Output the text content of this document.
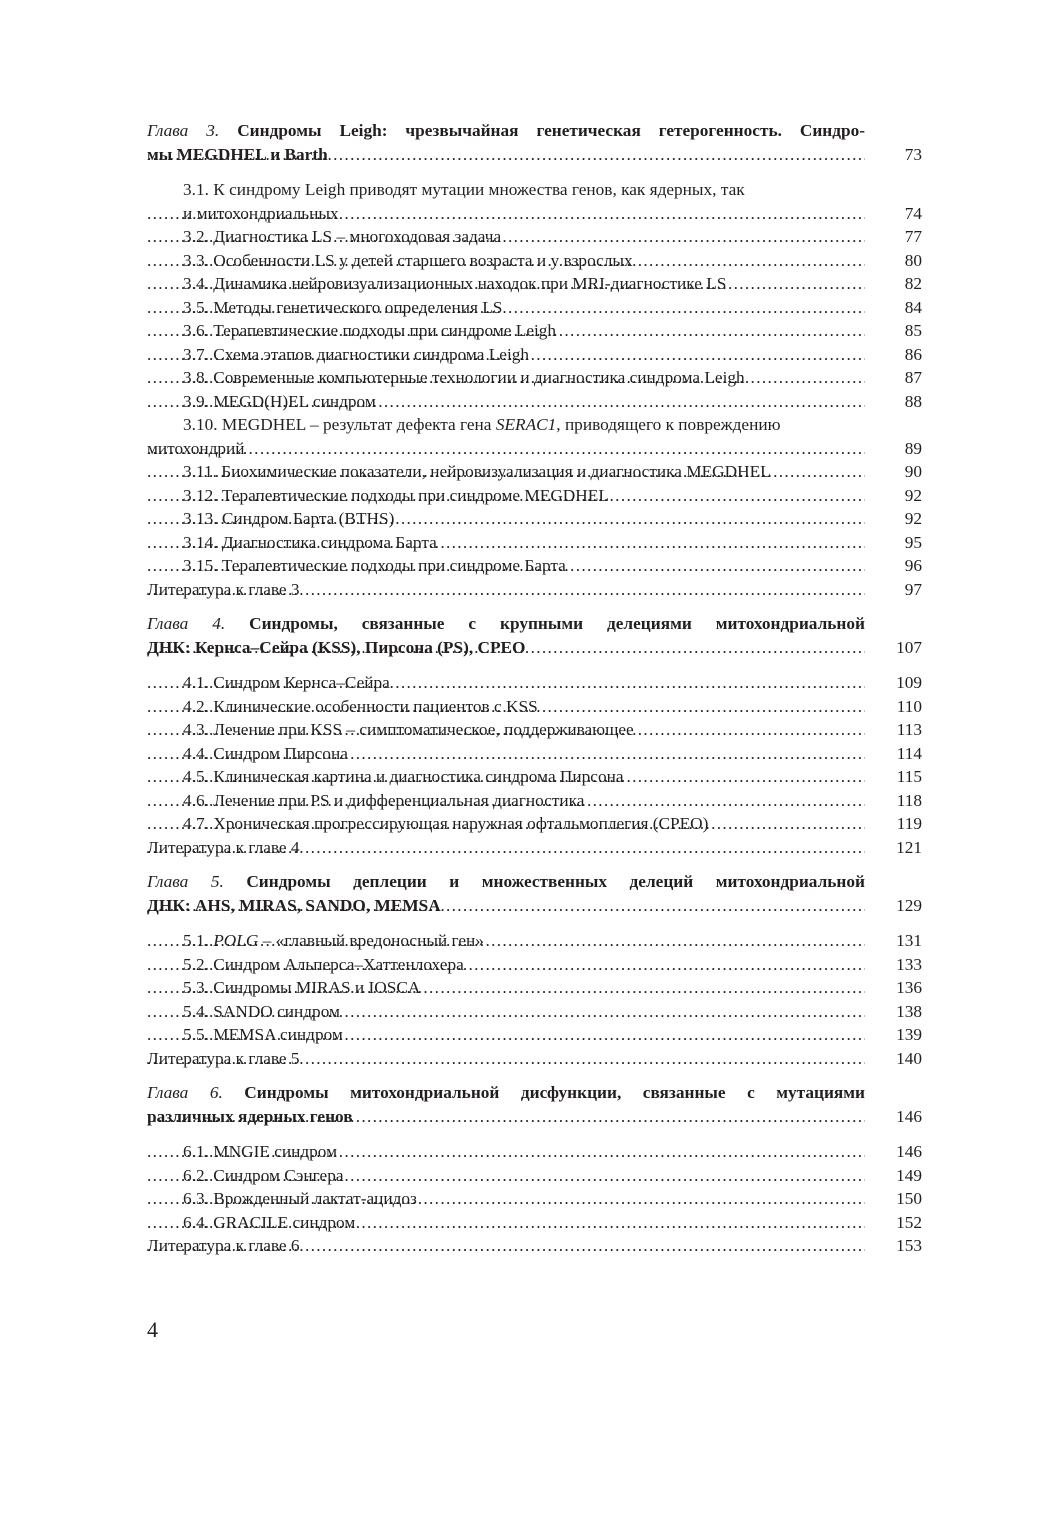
Глава 3. Синдромы Leigh: чрезвычайная генетическая гетерогенность. Синдро-
мы MEGDHEL и Barth . . .	73
3.1. К синдрому Leigh приводят мутации множества генов, как ядерных, так
и митохондриальных . . .	74
3.2. Диагностика LS – многоходовая задача . . .	77
3.3. Особенности LS у детей старшего возраста и у взрослых . . .	80
3.4. Динамика нейровизуализационных находок при MRI-диагностике LS . . .	82
3.5. Методы генетического определения LS . . .	84
3.6. Терапевтические подходы при синдроме Leigh . . .	85
3.7. Схема этапов диагностики синдрома Leigh . . .	86
3.8. Современные компьютерные технологии и диагностика синдрома Leigh . . .	87
3.9. MEGD(H)EL синдром . . .	88
3.10. MEGDHEL – результат дефекта гена SERAC1, приводящего к повреждению
митохондрий . . .	89
3.11. Биохимические показатели, нейровизуализация и диагностика MEGDHEL . . .	90
3.12. Терапевтические подходы при синдроме MEGDHEL . . .	92
3.13. Синдром Барта (BTHS) . . .	92
3.14. Диагностика синдрома Барта . . .	95
3.15. Терапевтические подходы при синдроме Барта . . .	96
Литература к главе 3 . . .	97
Глава 4. Синдромы, связанные с крупными делециями митохондриальной
ДНК: Кернса–Сейра (KSS), Пирсона (PS), CPEO . . .	107
4.1. Синдром Кернса–Сейра . . .	109
4.2. Клинические особенности пациентов с KSS . . .	110
4.3. Лечение при KSS – симптоматическое, поддерживающее . . .	113
4.4. Синдром Пирсона . . .	114
4.5. Клиническая картина и диагностика синдрома Пирсона . . .	115
4.6. Лечение при PS и дифференциальная диагностика . . .	118
4.7. Хроническая прогрессирующая наружная офтальмоплегия (CPEO) . . .	119
Литература к главе 4 . . .	121
Глава 5. Синдромы деплеции и множественных делеций митохондриальной
ДНК: AHS, MIRAS, SANDO, MEMSA . . .	129
5.1. POLG – «главный вредоносный ген» . . .	131
5.2. Синдром Альперса–Хаттенлохера . . .	133
5.3. Синдромы MIRAS и IOSCA . . .	136
5.4. SANDO синдром . . .	138
5.5. MEMSA синдром . . .	139
Литература к главе 5 . . .	140
Глава 6. Синдромы митохондриальной дисфункции, связанные с мутациями
различных ядерных генов . . .	146
6.1. MNGIE синдром . . .	146
6.2. Синдром Сэнгера . . .	149
6.3. Врожденный лактат-ацидоз . . .	150
6.4. GRACILE синдром . . .	152
Литература к главе 6 . . .	153
4
